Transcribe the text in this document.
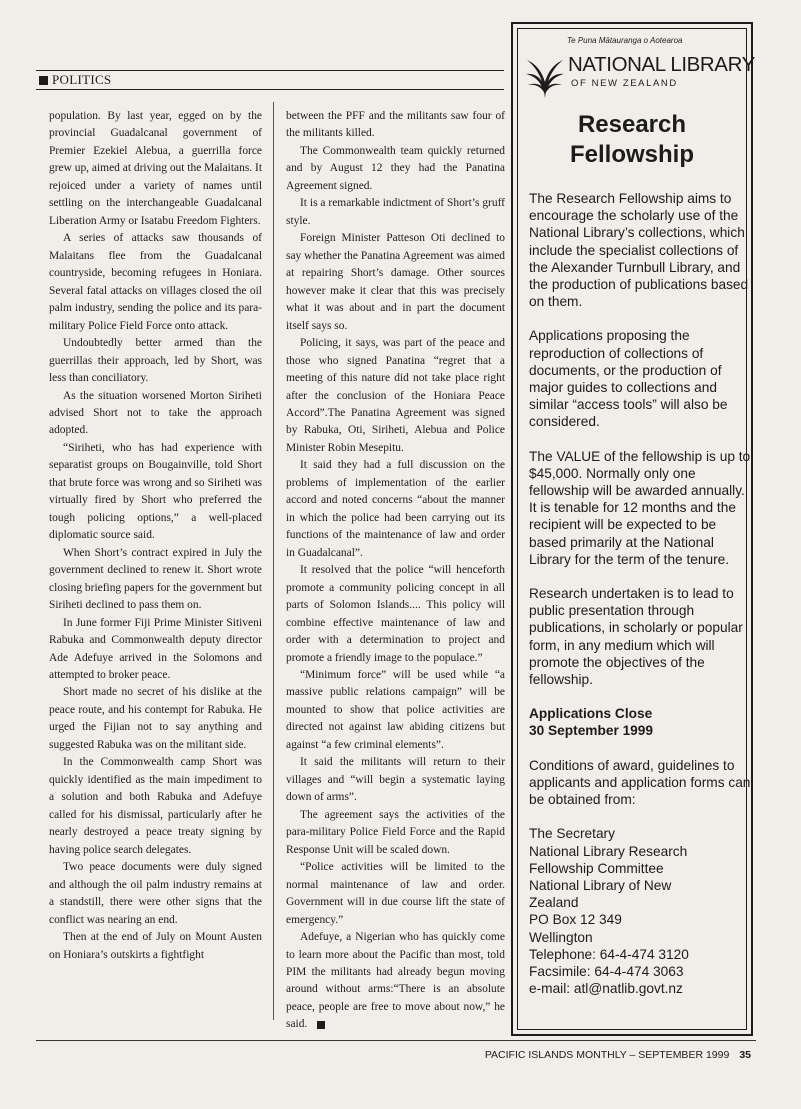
POLITICS

population. By last year, egged on by the provincial Guadalcanal government of Premier Ezekiel Alebua, a guerrilla force grew up, aimed at driving out the Malaitans. It rejoiced under a variety of names until settling on the interchangeable Guadalcanal Liberation Army or Isatabu Freedom Fighters.

A series of attacks saw thousands of Malaitans flee from the Guadalcanal countryside, becoming refugees in Honiara. Several fatal attacks on villages closed the oil palm industry, sending the police and its para-military Police Field Force onto attack.

Undoubtedly better armed than the guerrillas their approach, led by Short, was less than conciliatory.

As the situation worsened Morton Siriheti advised Short not to take the approach adopted.

“Siriheti, who has had experience with separatist groups on Bougainville, told Short that brute force was wrong and so Siriheti was virtually fired by Short who preferred the tough policing options,” a well-placed diplomatic source said.

When Short’s contract expired in July the government declined to renew it. Short wrote closing briefing papers for the government but Siriheti declined to pass them on.

In June former Fiji Prime Minister Sitiveni Rabuka and Commonwealth deputy director Ade Adefuye arrived in the Solomons and attempted to broker peace.

Short made no secret of his dislike at the peace route, and his contempt for Rabuka. He urged the Fijian not to say anything and suggested Rabuka was on the militant side.

In the Commonwealth camp Short was quickly identified as the main impediment to a solution and both Rabuka and Adefuye called for his dismissal, particularly after he nearly destroyed a peace treaty signing by having police search delegates.

Two peace documents were duly signed and although the oil palm industry remains at a standstill, there were other signs that the conflict was nearing an end.

Then at the end of July on Mount Austen on Honiara’s outskirts a fightfight

between the PFF and the militants saw four of the militants killed.

The Commonwealth team quickly returned and by August 12 they had the Panatina Agreement signed.

It is a remarkable indictment of Short’s gruff style.

Foreign Minister Patteson Oti declined to say whether the Panatina Agreement was aimed at repairing Short’s damage. Other sources however make it clear that this was precisely what it was about and in part the document itself says so.

Policing, it says, was part of the peace and those who signed Panatina “regret that a meeting of this nature did not take place right after the conclusion of the Honiara Peace Accord”.The Panatina Agreement was signed by Rabuka, Oti, Siriheti, Alebua and Police Minister Robin Mesepitu.

It said they had a full discussion on the problems of implementation of the earlier accord and noted concerns “about the manner in which the police had been carrying out its functions of the maintenance of law and order in Guadalcanal”.

It resolved that the police “will henceforth promote a community policing concept in all parts of Solomon Islands.... This policy will combine effective maintenance of law and order with a determination to project and promote a friendly image to the populace.”

“Minimum force” will be used while “a massive public relations campaign” will be mounted to show that police activities are directed not against law abiding citizens but against “a few criminal elements”.

It said the militants will return to their villages and “will begin a systematic laying down of arms”.

The agreement says the activities of the para-military Police Field Force and the Rapid Response Unit will be scaled down.

“Police activities will be limited to the normal maintenance of law and order. Government will in due course lift the state of emergency.”

Adefuye, a Nigerian who has quickly come to learn more about the Pacific than most, told PIM the militants had already begun moving around without arms:“There is an absolute peace, people are free to move about now,” he said.

Te Puna Mātauranga o Aotearoa
NATIONAL LIBRARY
OF NEW ZEALAND
Research Fellowship

The Research Fellowship aims to encourage the scholarly use of the National Library’s collections, which include the specialist collections of the Alexander Turnbull Library, and the production of publications based on them.

Applications proposing the reproduction of collections of documents, or the production of major guides to collections and similar “access tools” will also be considered.

The VALUE of the fellowship is up to $45,000. Normally only one fellowship will be awarded annually. It is tenable for 12 months and the recipient will be expected to be based primarily at the National Library for the term of the tenure.

Research undertaken is to lead to public presentation through publications, in scholarly or popular form, in any medium which will promote the objectives of the fellowship.

Applications Close
30 September 1999

Conditions of award, guidelines to applicants and application forms can be obtained from:

The Secretary
National Library Research
Fellowship Committee
National Library of New
Zealand
PO Box 12 349
Wellington
Telephone: 64-4-474 3120
Facsimile: 64-4-474 3063
e-mail: atl@natlib.govt.nz
PACIFIC ISLANDS MONTHLY – SEPTEMBER 1999 35
